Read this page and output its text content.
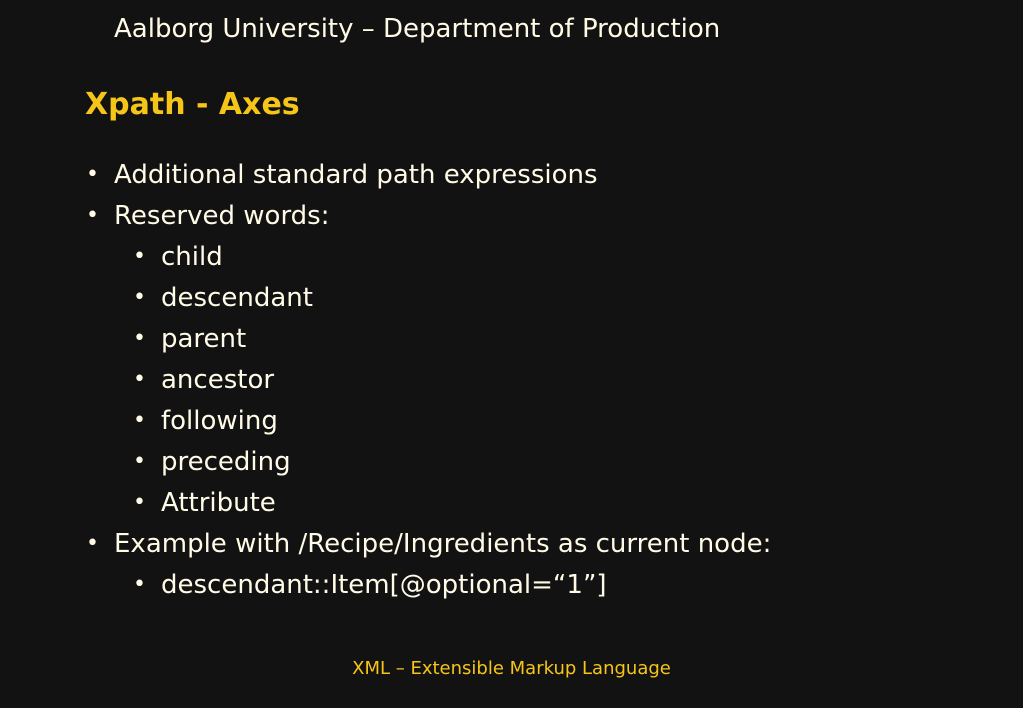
Aalborg University – Department of Production
Xpath - Axes
• Additional standard path expressions
• Reserved words:
• child
• descendant
• parent
• ancestor
• following
• preceding
• Attribute
• Example with /Recipe/Ingredients as current node:
• descendant::Item[@optional=“1”]
XML – Extensible Markup Language
